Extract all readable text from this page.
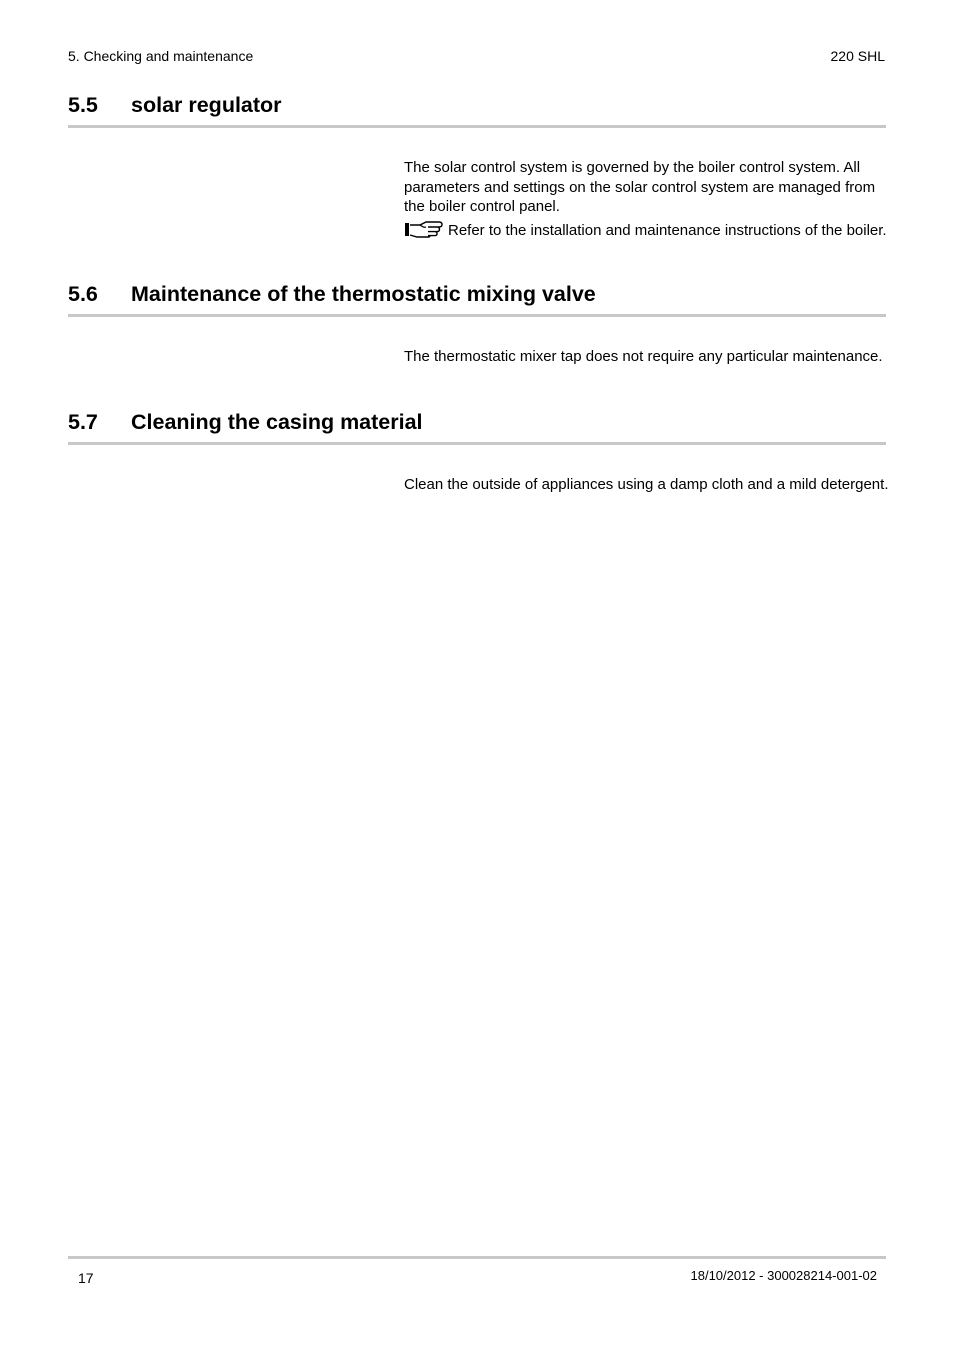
5. Checking and maintenance	220 SHL
5.5 solar regulator

The solar control system is governed by the boiler control system. All parameters and settings on the solar control system are managed from the boiler control panel.

Refer to the installation and maintenance instructions of the boiler.

5.6 Maintenance of the thermostatic mixing valve

The thermostatic mixer tap does not require any particular maintenance.

5.7 Cleaning the casing material

Clean the outside of appliances using a damp cloth and a mild detergent.

17	18/10/2012 - 300028214-001-02
